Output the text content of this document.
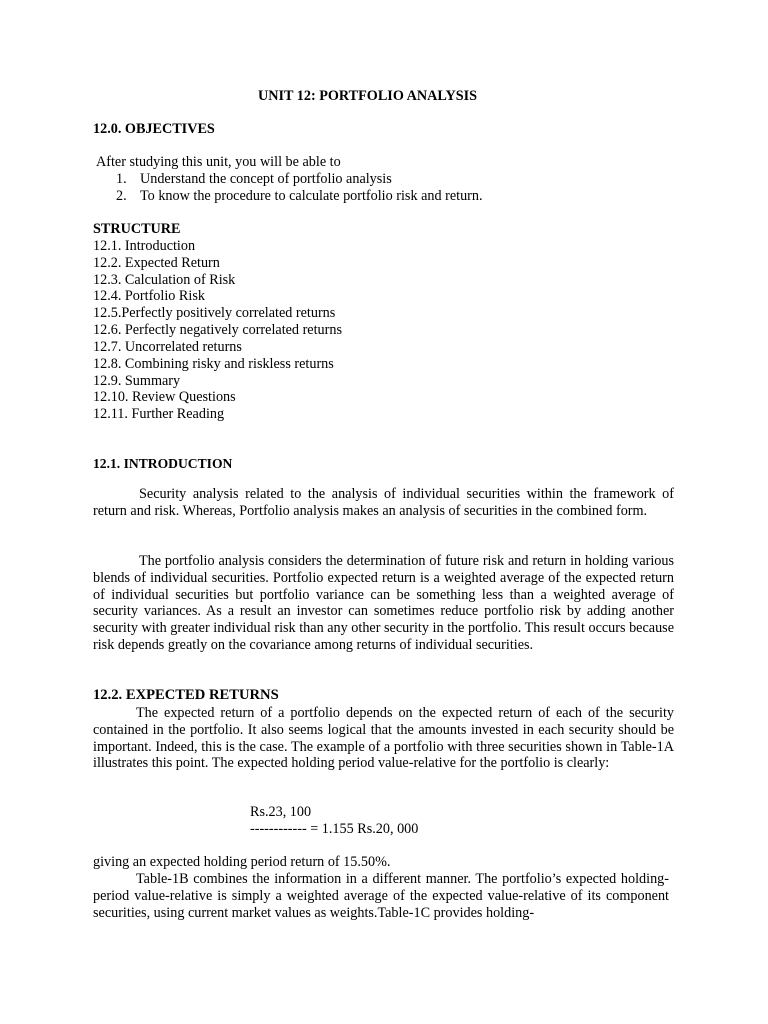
UNIT 12: PORTFOLIO ANALYSIS
12.0. OBJECTIVES
After studying this unit, you will be able to
1. Understand the concept of portfolio analysis
2. To know the procedure to calculate portfolio risk and return.
STRUCTURE
12.1. Introduction
12.2. Expected Return
12.3. Calculation of Risk
12.4. Portfolio Risk
12.5.Perfectly positively correlated returns
12.6. Perfectly negatively correlated returns
12.7. Uncorrelated returns
12.8. Combining risky and riskless returns
12.9. Summary
12.10. Review Questions
12.11. Further Reading
12.1. INTRODUCTION

Security analysis related to the analysis of individual securities within the framework of return and risk. Whereas, Portfolio analysis makes an analysis of securities in the combined form.

The portfolio analysis considers the determination of future risk and return in holding various blends of individual securities. Portfolio expected return is a weighted average of the expected return of individual securities but portfolio variance can be something less than a weighted average of security variances. As a result an investor can sometimes reduce portfolio risk by adding another security with greater individual risk than any other security in the portfolio. This result occurs because risk depends greatly on the covariance among returns of individual securities.

12.2. EXPECTED RETURNS

The expected return of a portfolio depends on the expected return of each of the security contained in the portfolio. It also seems logical that the amounts invested in each security should be important. Indeed, this is the case. The example of a portfolio with three securities shown in Table-1A illustrates this point. The expected holding period value-relative for the portfolio is clearly:

Rs.23, 100
------------ = 1.155 Rs.20, 000
giving an expected holding period return of 15.50%.

Table-1B combines the information in a different manner. The portfolio’s expected holding-period value-relative is simply a weighted average of the expected value-relative of its component securities, using current market values as weights.Table-1C provides holding-
